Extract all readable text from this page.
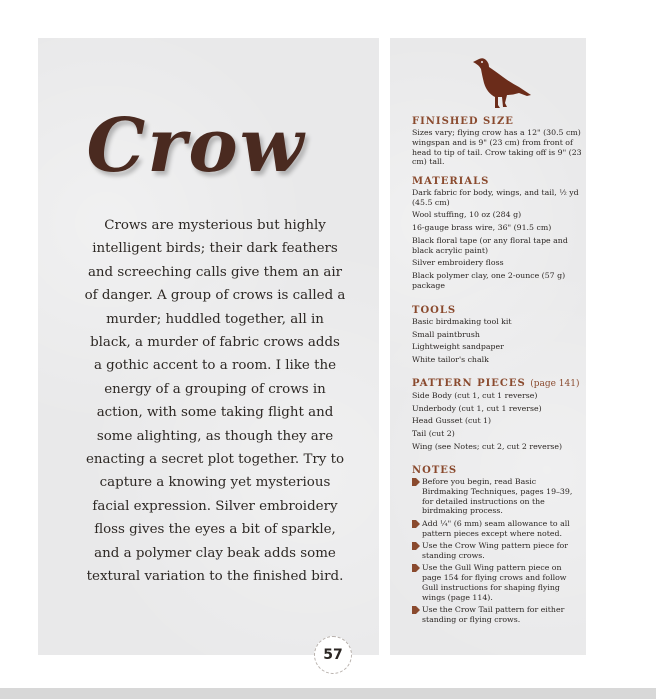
Crow

Crows are mysterious but highly intelligent birds; their dark feathers and screeching calls give them an air of danger. A group of crows is called a murder; huddled together, all in black, a murder of fabric crows adds a gothic accent to a room. I like the energy of a grouping of crows in action, with some taking flight and some alighting, as though they are enacting a secret plot together. Try to capture a knowing yet mysterious facial expression. Silver embroidery floss gives the eyes a bit of sparkle, and a polymer clay beak adds some textural variation to the finished bird.

FINISHED SIZE
Sizes vary; flying crow has a 12" (30.5 cm) wingspan and is 9" (23 cm) from front of head to tip of tail. Crow taking off is 9" (23 cm) tall.
MATERIALS
Dark fabric for body, wings, and tail, ½ yd (45.5 cm)
Wool stuffing, 10 oz (284 g)
16-gauge brass wire, 36" (91.5 cm)
Black floral tape (or any floral tape and black acrylic paint)
Silver embroidery floss
Black polymer clay, one 2-ounce (57 g) package
TOOLS
Basic birdmaking tool kit
Small paintbrush
Lightweight sandpaper
White tailor's chalk
PATTERN PIECES (page 141)
Side Body (cut 1, cut 1 reverse)
Underbody (cut 1, cut 1 reverse)
Head Gusset (cut 1)
Tail (cut 2)
Wing (see Notes; cut 2, cut 2 reverse)
NOTES
Before you begin, read Basic Birdmaking Techniques, pages 19–39, for detailed instructions on the birdmaking process.
Add ¼" (6 mm) seam allowance to all pattern pieces except where noted.
Use the Crow Wing pattern piece for standing crows.
Use the Gull Wing pattern piece on page 154 for flying crows and follow Gull instructions for shaping flying wings (page 114).
Use the Crow Tail pattern for either standing or flying crows.
57
